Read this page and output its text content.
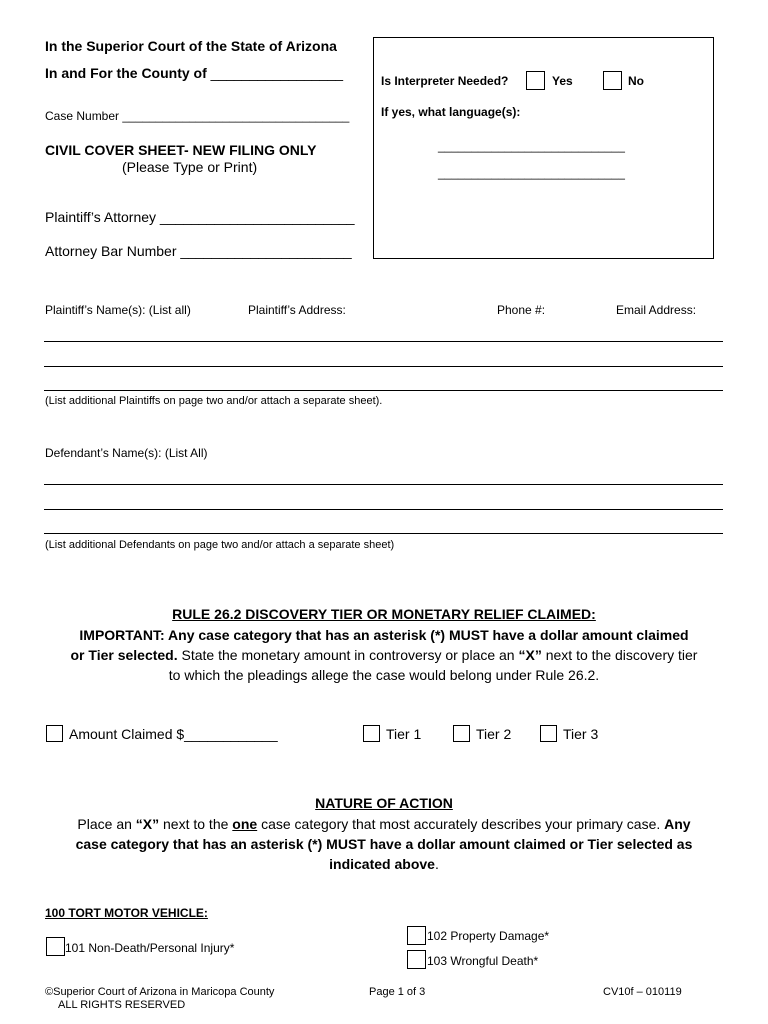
In the Superior Court of the State of Arizona
In and For the County of _________________
Case Number __________________________________
CIVIL COVER SHEET- NEW FILING ONLY
(Please Type or Print)
Plaintiff’s Attorney _________________________
Attorney Bar Number ______________________
Is Interpreter Needed?	Yes	No
If yes, what language(s):
____________________________
____________________________
Plaintiff’s Name(s): (List all)	Plaintiff’s Address:	Phone #:	Email Address:
(List additional Plaintiffs on page two and/or attach a separate sheet).
Defendant’s Name(s): (List All)
(List additional Defendants on page two and/or attach a separate sheet)
RULE 26.2 DISCOVERY TIER OR MONETARY RELIEF CLAIMED:
IMPORTANT: Any case category that has an asterisk (*) MUST have a dollar amount claimed
or Tier selected. State the monetary amount in controversy or place an “X” next to the discovery tier
to which the pleadings allege the case would belong under Rule 26.2.
Amount Claimed $____________	Tier 1	Tier 2	Tier 3
NATURE OF ACTION
Place an “X” next to the one case category that most accurately describes your primary case. Any
case category that has an asterisk (*) MUST have a dollar amount claimed or Tier selected as
indicated above.
100 TORT MOTOR VEHICLE:
101 Non-Death/Personal Injury*
102 Property Damage*
103 Wrongful Death*
©Superior Court of Arizona in Maricopa County
ALL RIGHTS RESERVED
Page 1 of 3	CV10f – 010119
